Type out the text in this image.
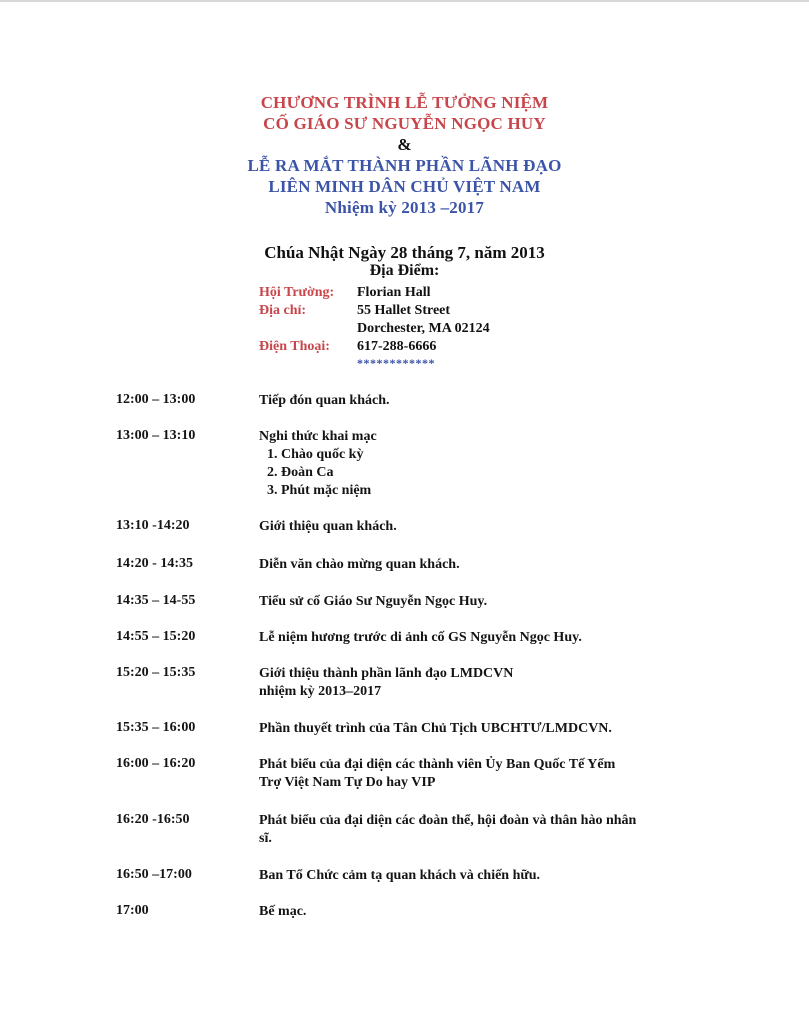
CHƯƠNG TRÌNH LỄ TƯỞNG NIỆM
CỐ GIÁO SƯ NGUYỄN NGỌC HUY
&
LỄ RA MẮT THÀNH PHẦN LÃNH ĐẠO
LIÊN MINH DÂN CHỦ VIỆT NAM
Nhiệm kỳ 2013 –2017
Chúa Nhật Ngày 28 tháng 7, năm 2013
Địa Điểm:
Hội Trường:	Florian Hall
Địa chỉ:	55 Hallet Street
Dorchester, MA 02124
Điện Thoại:	617-288-6666
************
12:00 – 13:00	Tiếp đón quan khách.
13:00 – 13:10	Nghi thức khai mạc
1. Chào quốc kỳ
2. Đoàn Ca
3. Phút mặc niệm
13:10 -14:20	Giới thiệu quan khách.
14:20 - 14:35	Diễn văn chào mừng quan khách.
14:35 – 14-55	Tiểu sử cố Giáo Sư Nguyễn Ngọc Huy.
14:55 – 15:20	Lễ niệm hương trước di ảnh cố GS Nguyễn Ngọc Huy.
15:20 – 15:35	Giới thiệu thành phần lãnh đạo LMDCVN
nhiệm kỳ 2013–2017
15:35 – 16:00	Phần thuyết trình của Tân Chủ Tịch UBCHTƯ/LMDCVN.
16:00 – 16:20	Phát biểu của đại diện các thành viên Ủy Ban Quốc Tế Yểm
Trợ Việt Nam Tự Do hay VIP
16:20 -16:50	Phát biểu của đại diện các đoàn thể, hội đoàn và thân hào nhân
sĩ.
16:50 –17:00	Ban Tổ Chức cảm tạ quan khách và chiến hữu.
17:00	Bế mạc.
